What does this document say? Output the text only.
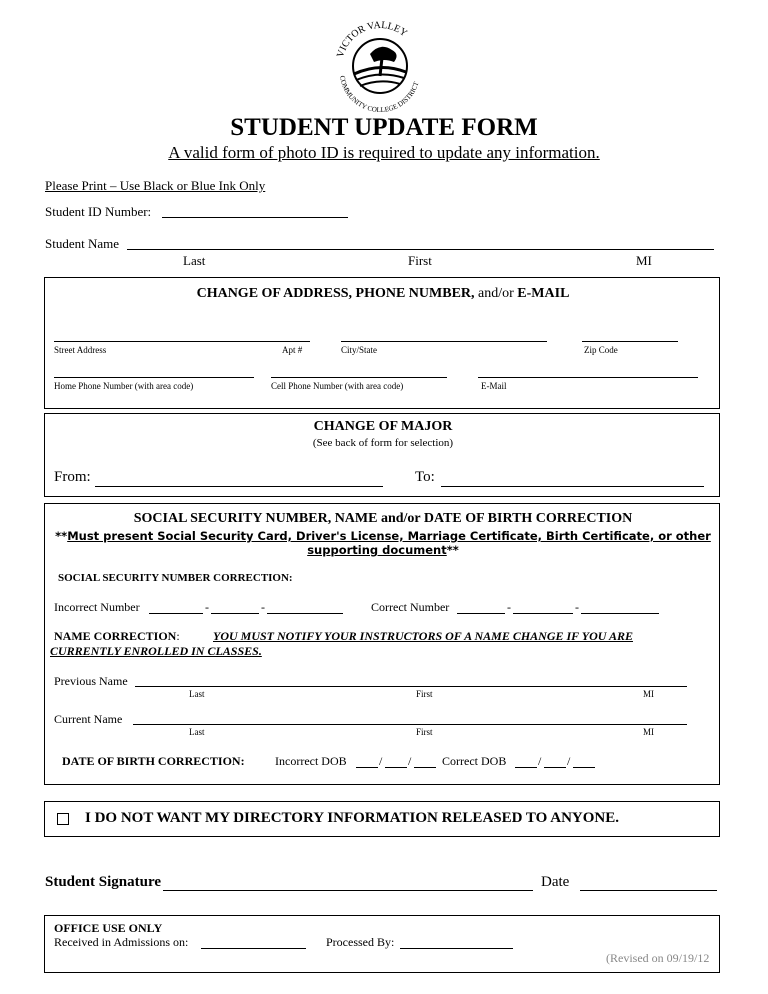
VICTOR VALLEY
COMMUNITY COLLEGE DISTRICT
STUDENT UPDATE FORM
A valid form of photo ID is required to update any information.
Please Print – Use Black or Blue Ink Only
Student ID Number:
Student Name
Last	First	MI
CHANGE OF ADDRESS, PHONE NUMBER, and/or E-MAIL
Street Address	Apt #	City/State	Zip Code
Home Phone Number (with area code)	Cell Phone Number (with area code)	E-Mail
CHANGE OF MAJOR
(See back of form for selection)
From:	To:
SOCIAL SECURITY NUMBER, NAME and/or DATE OF BIRTH CORRECTION
**Must present Social Security Card, Driver's License, Marriage Certificate, Birth Certificate, or other
supporting document**
SOCIAL SECURITY NUMBER CORRECTION:
Incorrect Number	-	-	Correct Number	-	-
NAME CORRECTION:	YOU MUST NOTIFY YOUR INSTRUCTORS OF A NAME CHANGE IF YOU ARE
CURRENTLY ENROLLED IN CLASSES.
Previous Name
Last	First	MI
Current Name
Last	First	MI
DATE OF BIRTH CORRECTION:	Incorrect DOB	/ /	Correct DOB	/ /
I DO NOT WANT MY DIRECTORY INFORMATION RELEASED TO ANYONE.
Student Signature	Date
OFFICE USE ONLY
Received in Admissions on:	Processed By:
(Revised on 09/19/12
